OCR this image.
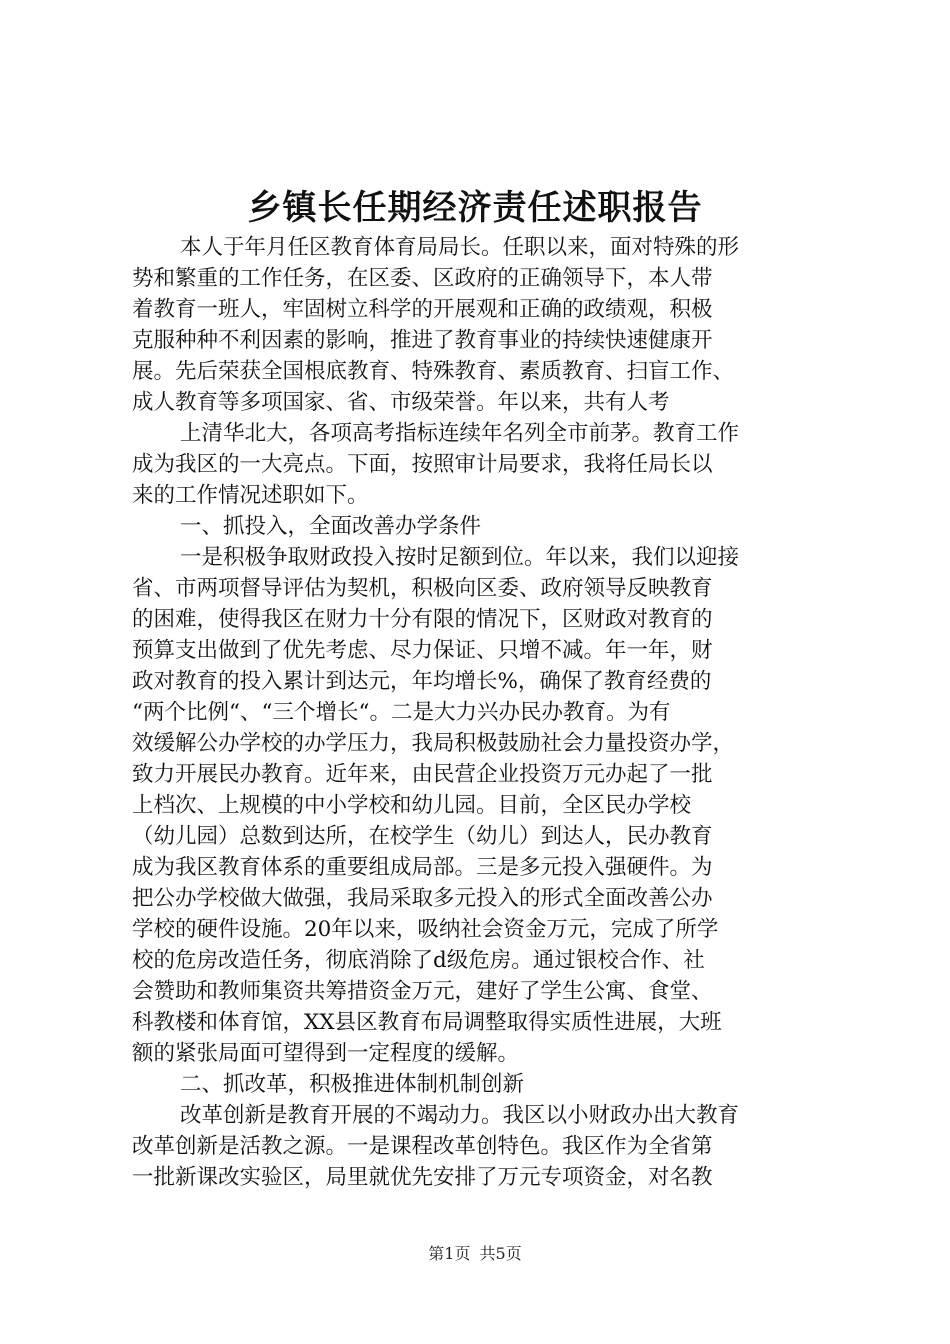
乡镇长任期经济责任述职报告
本人于年月任区教育体育局局长。任职以来，面对特殊的形
势和繁重的工作任务，在区委、区政府的正确领导下，本人带
着教育一班人，牢固树立科学的开展观和正确的政绩观，积极
克服种种不利因素的影响，推进了教育事业的持续快速健康开
展。先后荣获全国根底教育、特殊教育、素质教育、扫盲工作、
成人教育等多项国家、省、市级荣誉。年以来，共有人考
上清华北大，各项高考指标连续年名列全市前茅。教育工作
成为我区的一大亮点。下面，按照审计局要求，我将任局长以
来的工作情况述职如下。
一、抓投入，全面改善办学条件
一是积极争取财政投入按时足额到位。年以来，我们以迎接
省、市两项督导评估为契机，积极向区委、政府领导反映教育
的困难，使得我区在财力十分有限的情况下，区财政对教育的
预算支出做到了优先考虑、尽力保证、只增不减。年一年，财
政对教育的投入累计到达元，年均增长%，确保了教育经费的
“两个比例“、“三个增长“。二是大力兴办民办教育。为有
效缓解公办学校的办学压力，我局积极鼓励社会力量投资办学，
致力开展民办教育。近年来，由民营企业投资万元办起了一批
上档次、上规模的中小学校和幼儿园。目前，全区民办学校
（幼儿园）总数到达所，在校学生（幼儿）到达人，民办教育
成为我区教育体系的重要组成局部。三是多元投入强硬件。为
把公办学校做大做强，我局采取多元投入的形式全面改善公办
学校的硬件设施。20年以来，吸纳社会资金万元，完成了所学
校的危房改造任务，彻底消除了d级危房。通过银校合作、社
会赞助和教师集资共筹措资金万元，建好了学生公寓、食堂、
科教楼和体育馆，XX县区教育布局调整取得实质性进展，大班
额的紧张局面可望得到一定程度的缓解。
二、抓改革，积极推进体制机制创新
改革创新是教育开展的不竭动力。我区以小财政办出大教育
改革创新是活教之源。一是课程改革创特色。我区作为全省第
一批新课改实验区，局里就优先安排了万元专项资金，对名教
第1页 共5页
